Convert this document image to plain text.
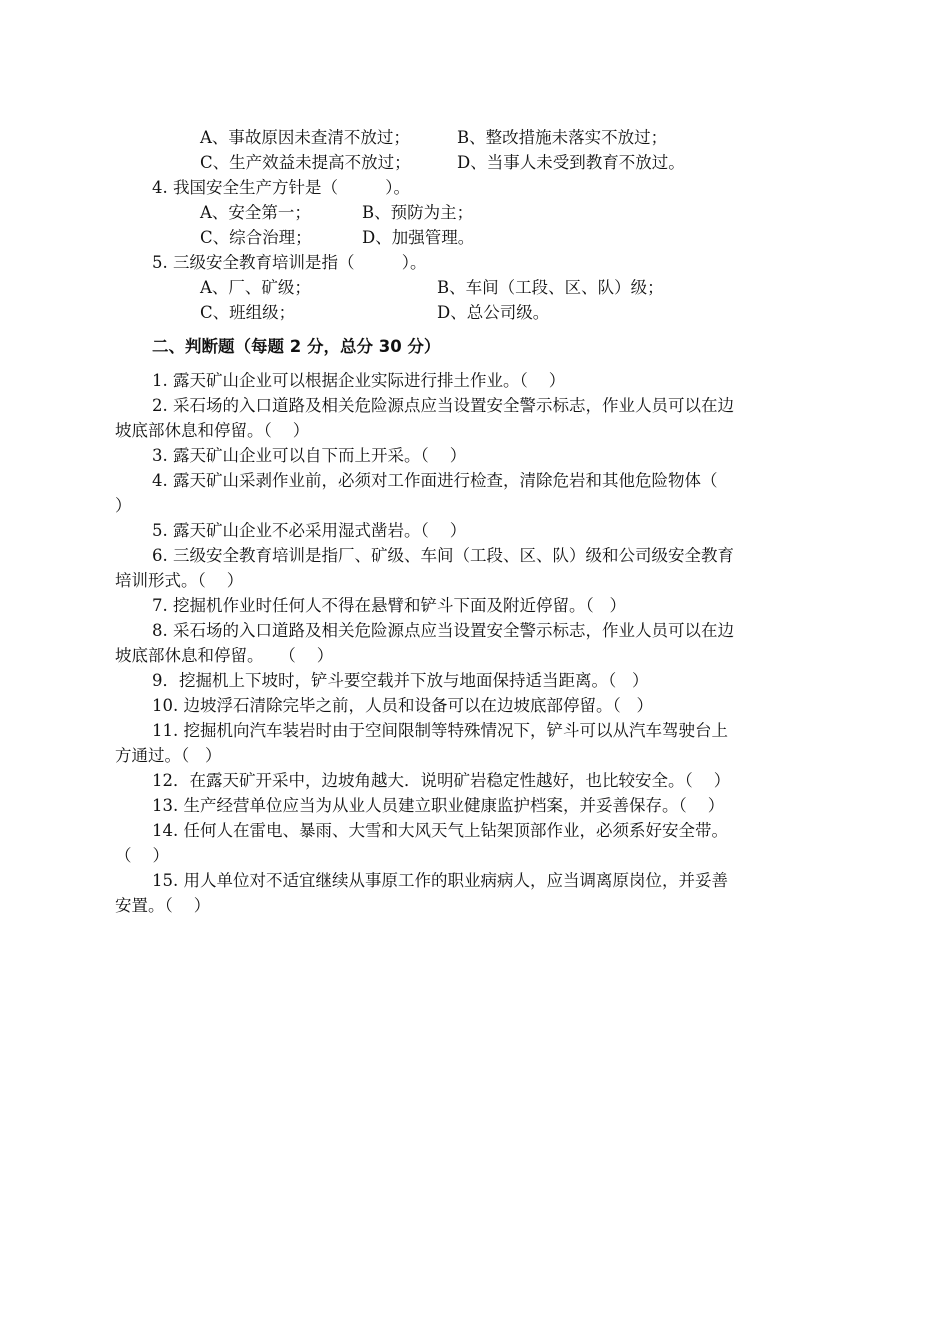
A、事故原因未查清不放过；	B、整改措施未落实不放过；
C、生产效益未提高不放过；	D、当事人未受到教育不放过。
4. 我国安全生产方针是（         ）。
A、安全第一；	B、预防为主；
C、综合治理；	D、加强管理。
5. 三级安全教育培训是指（         ）。
A、厂、矿级；	B、车间（工段、区、队）级；
C、班组级；	D、总公司级。
二、判断题（每题 2 分，总分 30 分）
1. 露天矿山企业可以根据企业实际进行排土作业。（    ）
2. 采石场的入口道路及相关危险源点应当设置安全警示标志，作业人员可以在边
坡底部休息和停留。（    ）
3. 露天矿山企业可以自下而上开采。（    ）
4. 露天矿山采剥作业前，必须对工作面进行检查，清除危岩和其他危险物体（
）
5. 露天矿山企业不必采用湿式凿岩。（    ）
6. 三级安全教育培训是指厂、矿级、车间（工段、区、队）级和公司级安全教育
培训形式。（    ）
7. 挖掘机作业时任何人不得在悬臂和铲斗下面及附近停留。（   ）
8. 采石场的入口道路及相关危险源点应当设置安全警示标志，作业人员可以在边
坡底部休息和停留。   （    ）
9．挖掘机上下坡时，铲斗要空载并下放与地面保持适当距离。（   ）
10. 边坡浮石清除完毕之前，人员和设备可以在边坡底部停留。（   ）
11. 挖掘机向汽车装岩时由于空间限制等特殊情况下，铲斗可以从汽车驾驶台上
方通过。（   ）
12．在露天矿开采中，边坡角越大．说明矿岩稳定性越好，也比较安全。（    ）
13. 生产经营单位应当为从业人员建立职业健康监护档案，并妥善保存。（    ）
14. 任何人在雷电、暴雨、大雪和大风天气上钻架顶部作业，必须系好安全带。
（    ）
15. 用人单位对不适宜继续从事原工作的职业病病人，应当调离原岗位，并妥善
安置。（    ）
